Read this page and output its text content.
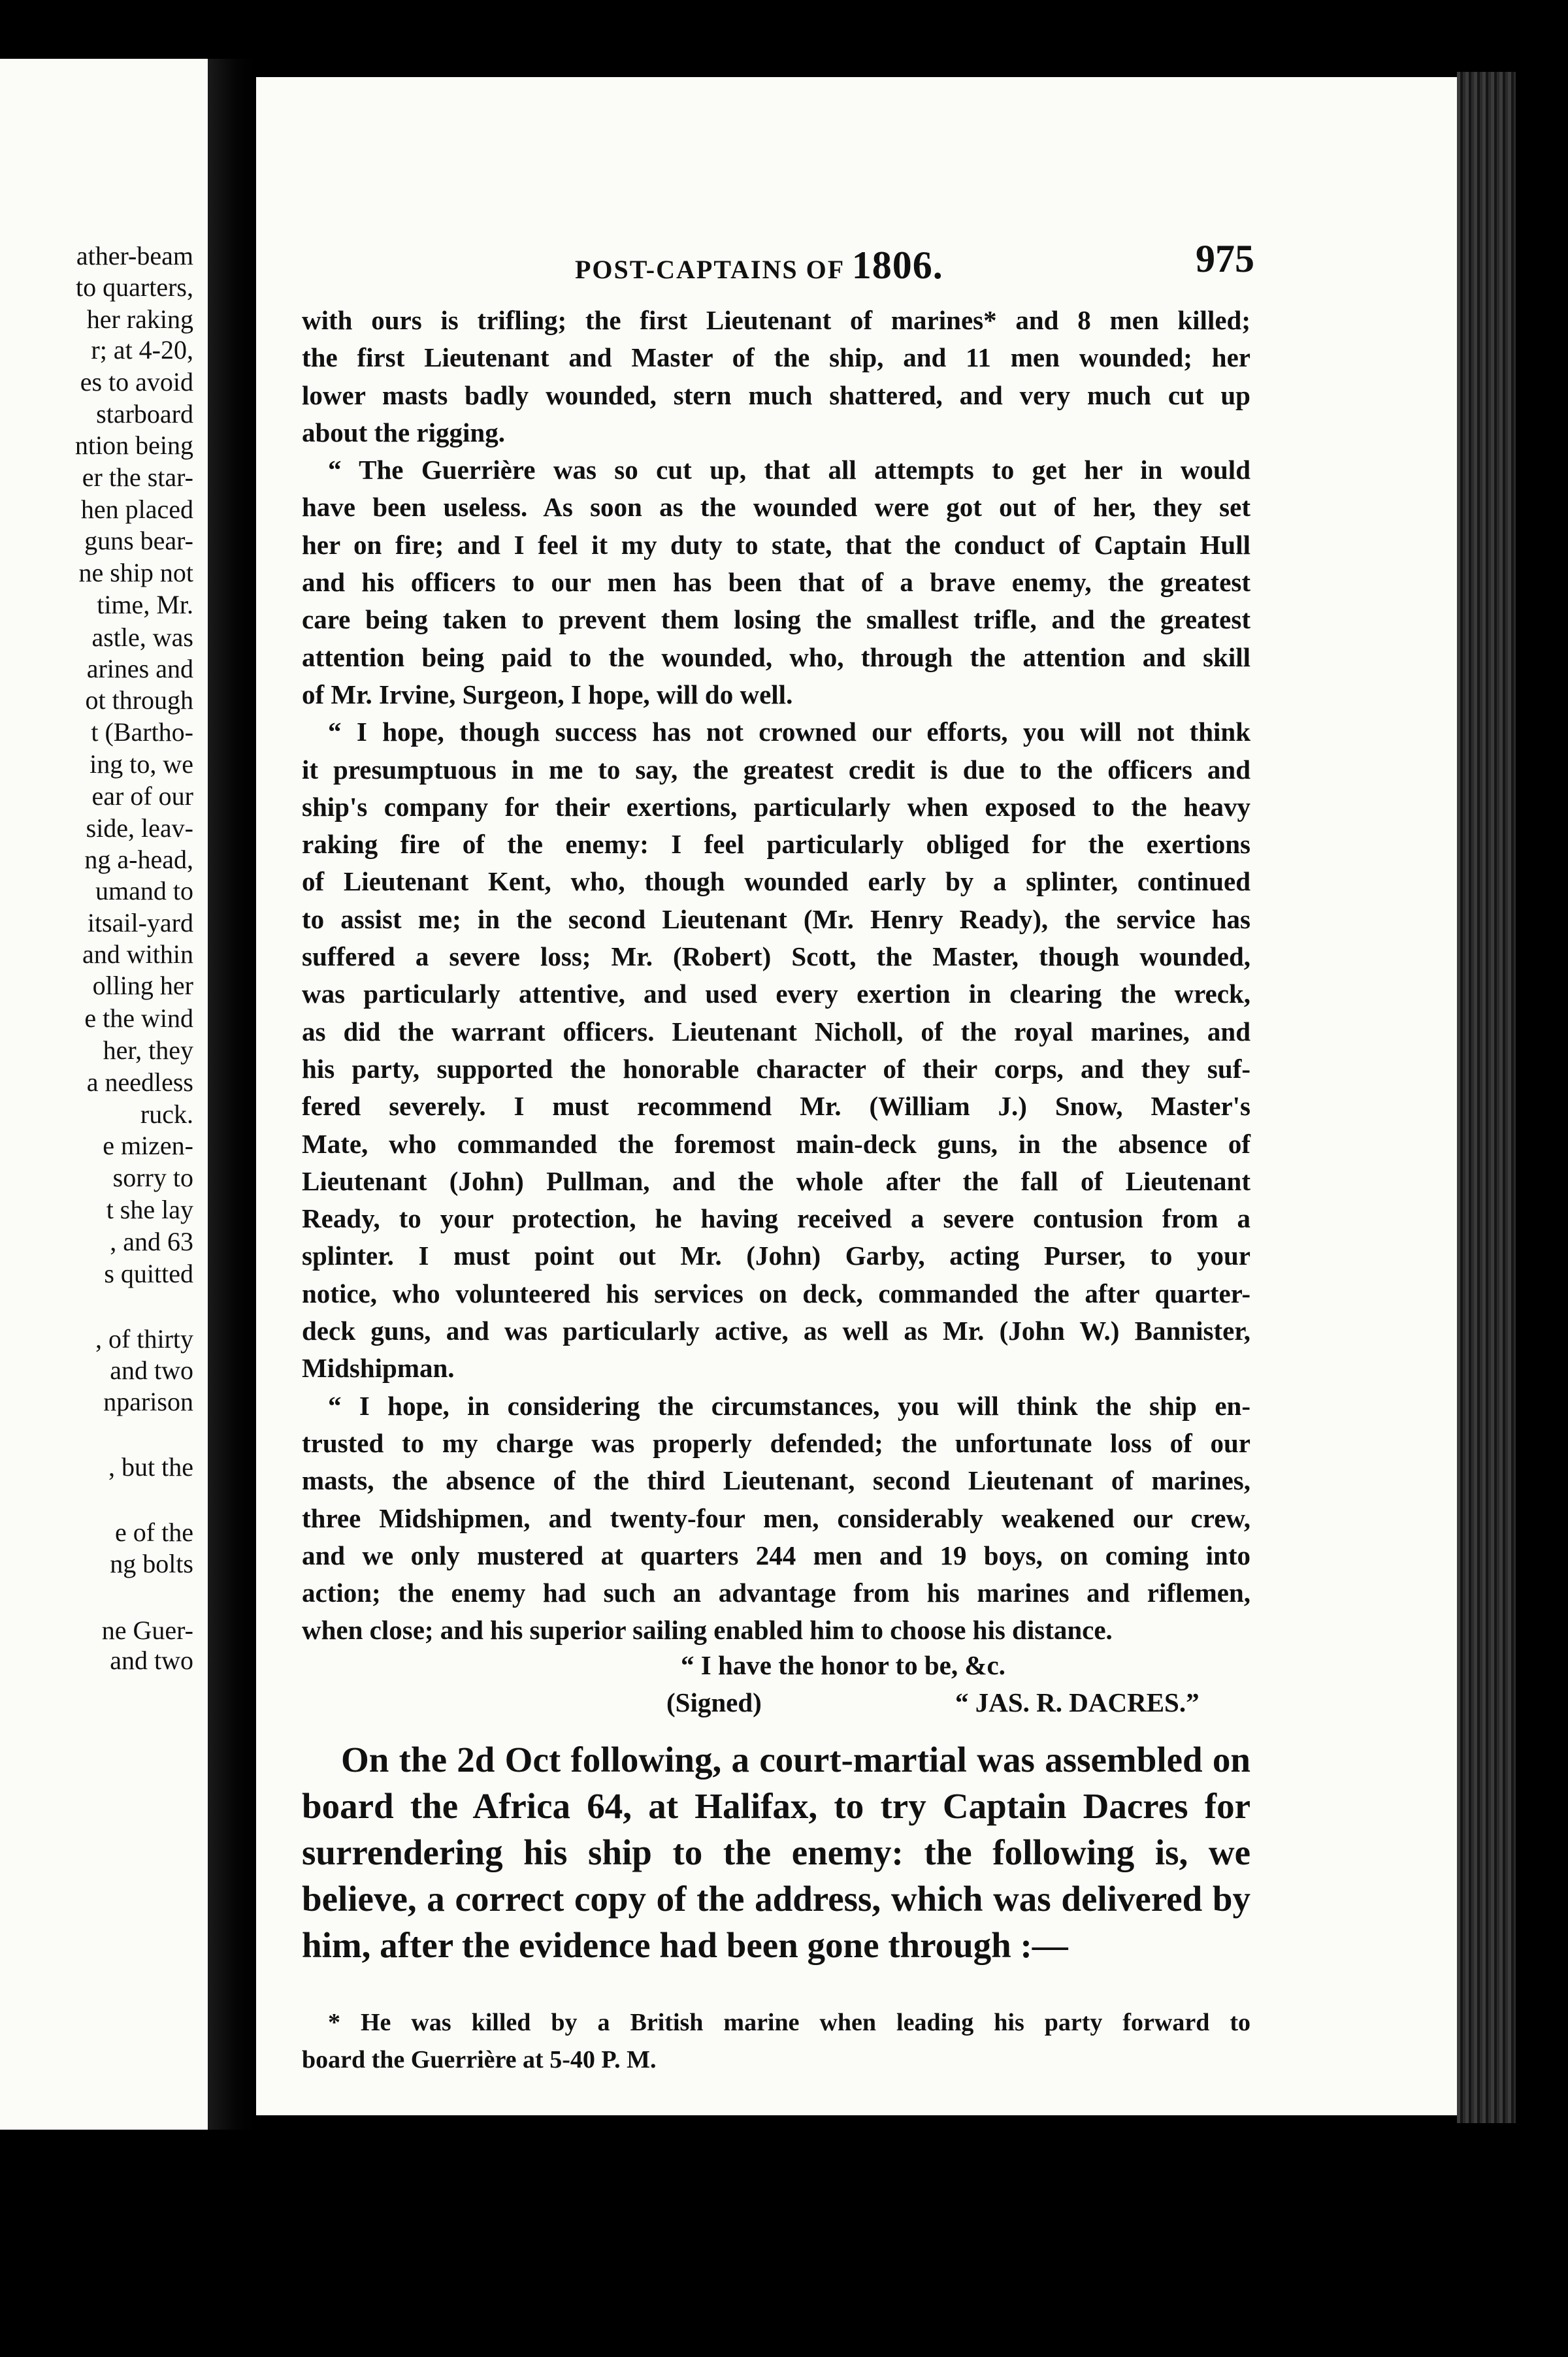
ather-beam

to quarters,

her raking

r; at 4-20,

es to avoid

starboard

ntion being

er the star-

hen placed

guns bear-

ne ship not

time, Mr.

astle, was

arines and

ot through

t (Bartho-

ing to, we

ear of our

side, leav-

ng a-head,

umand to

itsail-yard

and within

olling her

e the wind

her, they

a needless

ruck.

e mizen-

sorry to

t she lay

, and 63

s quitted

, of thirty

and two

nparison

, but the

e of the

ng bolts

ne Guer-

and two

POST-CAPTAINS OF 1806.	975

with ours is trifling; the first Lieutenant of marines* and 8 men killed;

the first Lieutenant and Master of the ship, and 11 men wounded; her

lower masts badly wounded, stern much shattered, and very much cut up

about the rigging.

“ The Guerrière was so cut up, that all attempts to get her in would

have been useless. As soon as the wounded were got out of her, they set

her on fire; and I feel it my duty to state, that the conduct of Captain Hull

and his officers to our men has been that of a brave enemy, the greatest

care being taken to prevent them losing the smallest trifle, and the greatest

attention being paid to the wounded, who, through the attention and skill

of Mr. Irvine, Surgeon, I hope, will do well.

“ I hope, though success has not crowned our efforts, you will not think

it presumptuous in me to say, the greatest credit is due to the officers and

ship's company for their exertions, particularly when exposed to the heavy

raking fire of the enemy: I feel particularly obliged for the exertions

of Lieutenant Kent, who, though wounded early by a splinter, continued

to assist me; in the second Lieutenant (Mr. Henry Ready), the service has

suffered a severe loss; Mr. (Robert) Scott, the Master, though wounded,

was particularly attentive, and used every exertion in clearing the wreck,

as did the warrant officers. Lieutenant Nicholl, of the royal marines, and

his party, supported the honorable character of their corps, and they suf-

fered severely. I must recommend Mr. (William J.) Snow, Master's

Mate, who commanded the foremost main-deck guns, in the absence of

Lieutenant (John) Pullman, and the whole after the fall of Lieutenant

Ready, to your protection, he having received a severe contusion from a

splinter. I must point out Mr. (John) Garby, acting Purser, to your

notice, who volunteered his services on deck, commanded the after quarter-

deck guns, and was particularly active, as well as Mr. (John W.) Bannister,

Midshipman.

“ I hope, in considering the circumstances, you will think the ship en-

trusted to my charge was properly defended; the unfortunate loss of our

masts, the absence of the third Lieutenant, second Lieutenant of marines,

three Midshipmen, and twenty-four men, considerably weakened our crew,

and we only mustered at quarters 244 men and 19 boys, on coming into

action; the enemy had such an advantage from his marines and riflemen,

when close; and his superior sailing enabled him to choose his distance.

“ I have the honor to be, &c.
(Signed)	“ JAS. R. DACRES.”

On the 2d Oct following, a court-martial was assembled on

board the Africa 64, at Halifax, to try Captain Dacres for

surrendering his ship to the enemy: the following is, we

believe, a correct copy of the address, which was delivered by

him, after the evidence had been gone through :—

* He was killed by a British marine when leading his party forward to

board the Guerrière at 5-40 P. M.
